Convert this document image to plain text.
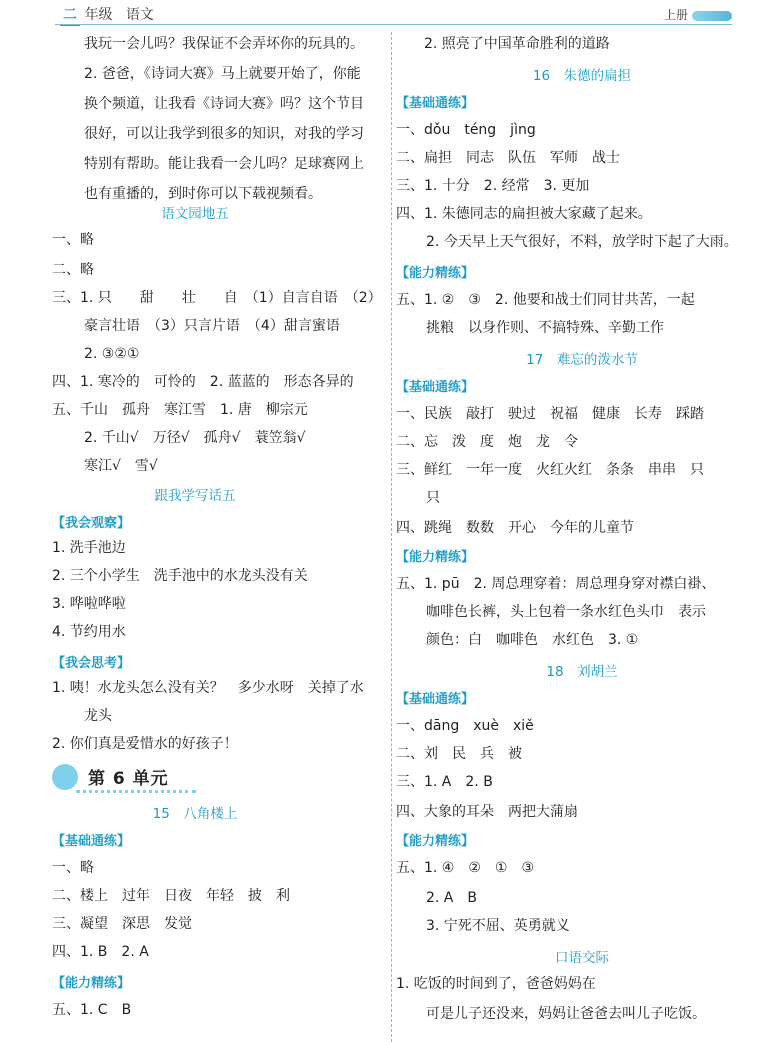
二 年级 语文	上册
我玩一会儿吗？我保证不会弄坏你的玩具的。
2. 爸爸，《诗词大赛》马上就要开始了，你能
换个频道，让我看《诗词大赛》吗？这个节目
很好，可以让我学到很多的知识，对我的学习
特别有帮助。能让我看一会儿吗？足球赛网上
也有重播的，到时你可以下载视频看。
语文园地五
一、略
二、略
三、1. 只　　甜　　壮　　自　（1）自言自语　（2）
豪言壮语　（3）只言片语　（4）甜言蜜语
2. ③②①
四、1. 寒冷的　可怜的　2. 蓝蓝的　形态各异的
五、千山　孤舟　寒江雪　1. 唐　柳宗元
2. 千山√　万径√　孤舟√　蓑笠翁√
寒江√　雪√
跟我学写话五
【我会观察】
1. 洗手池边
2. 三个小学生　洗手池中的水龙头没有关
3. 哗啦哗啦
4. 节约用水
【我会思考】
1. 咦！水龙头怎么没有关？　多少水呀　关掉了水
龙头
2. 你们真是爱惜水的好孩子！
15　八角楼上
【基础通练】
一、略
二、楼上　过年　日夜　年轻　披　利
三、凝望　深思　发觉
四、1. B　2. A
【能力精练】
五、1. C　B
第 6 单元
2. 照亮了中国革命胜利的道路
16　朱德的扁担
【基础通练】
一、dǒu　téng　jìng
二、扁担　同志　队伍　军师　战士
三、1. 十分　2. 经常　3. 更加
四、1. 朱德同志的扁担被大家藏了起来。
2. 今天早上天气很好，不料，放学时下起了大雨。
【能力精练】
五、1. ②　③　2. 他要和战士们同甘共苦，一起
挑粮　以身作则、不搞特殊、辛勤工作
17　难忘的泼水节
【基础通练】
一、民族　敲打　驶过　祝福　健康　长寿　踩踏
二、忘　泼　度　炮　龙　令
三、鲜红　一年一度　火红火红　条条　串串　只
只
四、跳绳　数数　开心　今年的儿童节
【能力精练】
五、1. pū　2. 周总理穿着：周总理身穿对襟白褂、
咖啡色长裤，头上包着一条水红色头巾　表示
颜色：白　咖啡色　水红色　3. ①
18　刘胡兰
【基础通练】
一、dāng　xuè　xiě
二、刘　民　兵　被
三、1. A　2. B
四、大象的耳朵　两把大蒲扇
【能力精练】
五、1. ④　②　①　③
2. A　B
3. 宁死不屈、英勇就义
口语交际
1. 吃饭的时间到了，爸爸妈妈在
可是儿子还没来，妈妈让爸爸去叫儿子吃饭。
